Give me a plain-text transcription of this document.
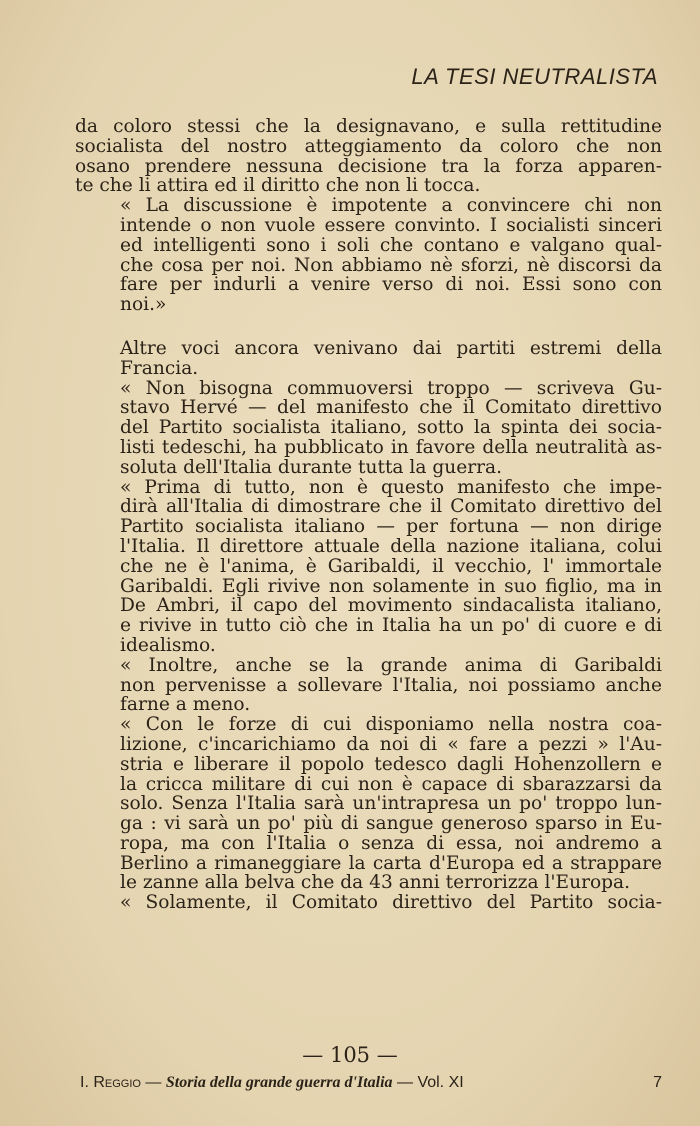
LA TESI NEUTRALISTA

da coloro stessi che la designavano, e sulla rettitudine
socialista del nostro atteggiamento da coloro che non
osano prendere nessuna decisione tra la forza apparen-
te che li attira ed il diritto che non li tocca.

« La discussione è impotente a convincere chi non
intende o non vuole essere convinto. I socialisti sinceri
ed intelligenti sono i soli che contano e valgano qual-
che cosa per noi. Non abbiamo nè sforzi, nè discorsi da
fare per indurli a venire verso di noi. Essi sono con
noi.»

Altre voci ancora venivano dai partiti estremi della
Francia.

« Non bisogna commuoversi troppo — scriveva Gu-
stavo Hervé — del manifesto che il Comitato direttivo
del Partito socialista italiano, sotto la spinta dei socia-
listi tedeschi, ha pubblicato in favore della neutralità as-
soluta dell'Italia durante tutta la guerra.

« Prima di tutto, non è questo manifesto che impe-
dirà all'Italia di dimostrare che il Comitato direttivo del
Partito socialista italiano — per fortuna — non dirige
l'Italia. Il direttore attuale della nazione italiana, colui
che ne è l'anima, è Garibaldi, il vecchio, l' immortale
Garibaldi. Egli rivive non solamente in suo figlio, ma in
De Ambri, il capo del movimento sindacalista italiano,
e rivive in tutto ciò che in Italia ha un po' di cuore e di
idealismo.

« Inoltre, anche se la grande anima di Garibaldi
non pervenisse a sollevare l'Italia, noi possiamo anche
farne a meno.

« Con le forze di cui disponiamo nella nostra coa-
lizione, c'incarichiamo da noi di « fare a pezzi » l'Au-
stria e liberare il popolo tedesco dagli Hohenzollern e
la cricca militare di cui non è capace di sbarazzarsi da
solo. Senza l'Italia sarà un'intrapresa un po' troppo lun-
ga : vi sarà un po' più di sangue generoso sparso in Eu-
ropa, ma con l'Italia o senza di essa, noi andremo a
Berlino a rimaneggiare la carta d'Europa ed a strappare
le zanne alla belva che da 43 anni terrorizza l'Europa.

« Solamente, il Comitato direttivo del Partito socia-

— 105 —
I. Reggio — Storia della grande guerra d'Italia — Vol. XI	7
